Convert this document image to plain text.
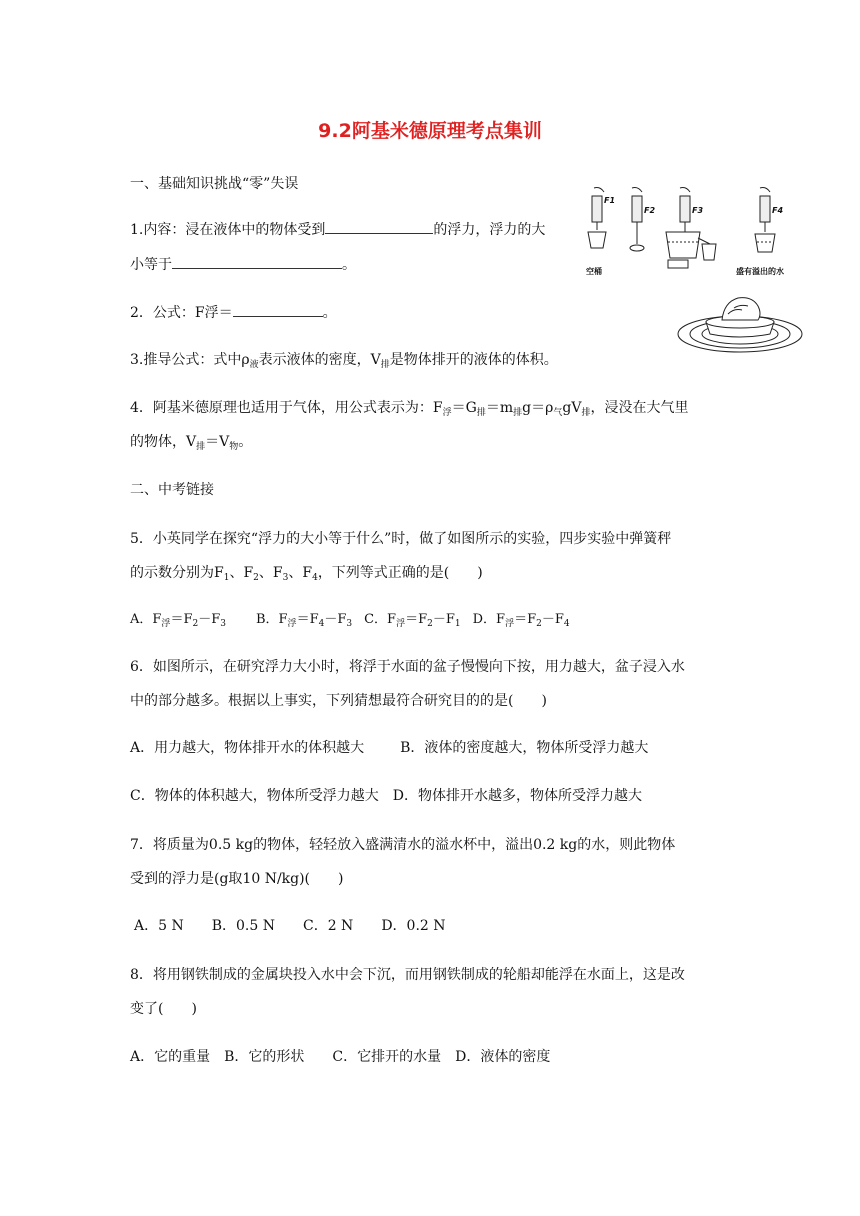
9.2阿基米德原理考点集训
一、基础知识挑战“零”失误
1.内容：浸在液体中的物体受到	的浮力，浮力的大
小等于	。
2．公式：F浮＝	。
3.推导公式：式中$\rho_液$表示液体的密度，$V_排$是物体排开的液体的体积。
4．阿基米德原理也适用于气体，用公式表示为：$F_浮=G_排=m_排g=\rho_气gV_排$，浸没在大气里
的物体，$V_排=V_物$。
二、中考链接
5．小英同学在探究“浮力的大小等于什么”时，做了如图所示的实验，四步实验中弹簧秤
的示数分别为$F_1$、$F_2$、$F_3$、$F_4$，下列等式正确的是(　　)
A．$F_浮=F_2-F_3$ B．$F_浮=F_4-F_3$ C．$F_浮=F_2-F_1$ D．$F_浮=F_2-F_4$
6．如图所示，在研究浮力大小时，将浮于水面的盆子慢慢向下按，用力越大，盆子浸入水
中的部分越多。根据以上事实，下列猜想最符合研究目的的是(　　)
A．用力越大，物体排开水的体积越大	B．液体的密度越大，物体所受浮力越大
C．物体的体积越大，物体所受浮力越大 D．物体排开水越多，物体所受浮力越大
7．将质量为0.5 kg的物体，轻轻放入盛满清水的溢水杯中，溢出0.2 kg的水，则此物体
受到的浮力是(g取10 N/kg)(　　)
A．5 N B．0.5 N C．2 N D．0.2 N
8．将用钢铁制成的金属块投入水中会下沉，而用钢铁制成的轮船却能浮在水面上，这是改
变了(　　)
A．它的重量 B．它的形状 C．它排开的水量 D．液体的密度
F1
F2	F3	F4
空桶	盛有溢出的水
